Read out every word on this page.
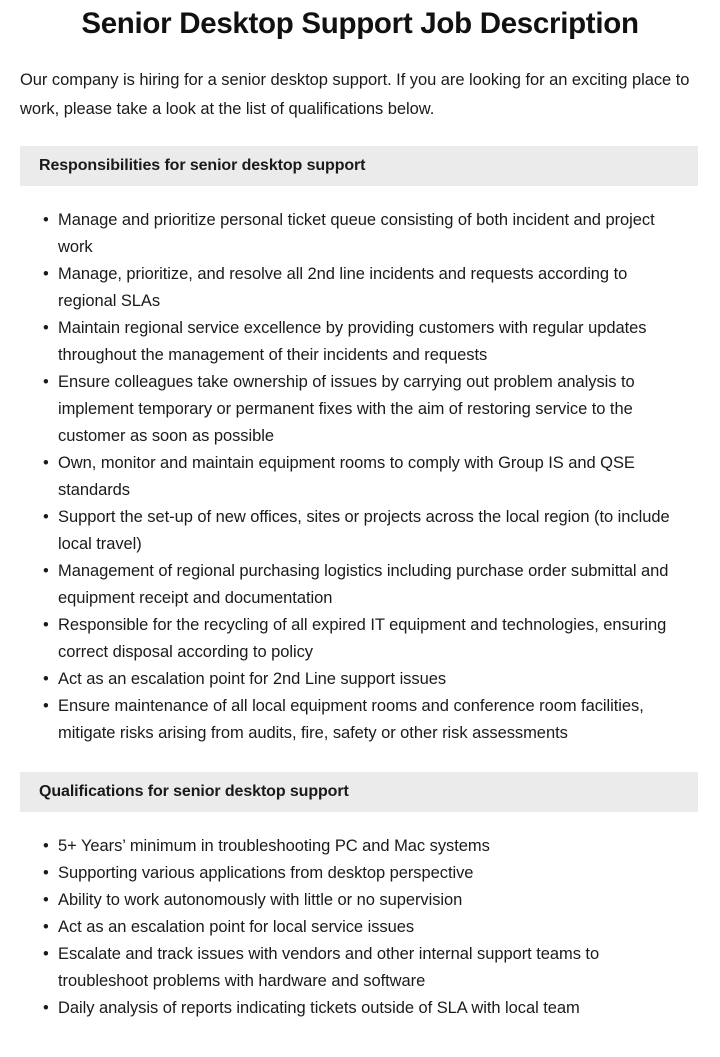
Senior Desktop Support Job Description

Our company is hiring for a senior desktop support. If you are looking for an exciting place to work, please take a look at the list of qualifications below.

Responsibilities for senior desktop support
• Manage and prioritize personal ticket queue consisting of both incident and project work
• Manage, prioritize, and resolve all 2nd line incidents and requests according to regional SLAs
• Maintain regional service excellence by providing customers with regular updates throughout the management of their incidents and requests
• Ensure colleagues take ownership of issues by carrying out problem analysis to implement temporary or permanent fixes with the aim of restoring service to the customer as soon as possible
• Own, monitor and maintain equipment rooms to comply with Group IS and QSE standards
• Support the set-up of new offices, sites or projects across the local region (to include local travel)
• Management of regional purchasing logistics including purchase order submittal and equipment receipt and documentation
• Responsible for the recycling of all expired IT equipment and technologies, ensuring correct disposal according to policy
• Act as an escalation point for 2nd Line support issues
• Ensure maintenance of all local equipment rooms and conference room facilities, mitigate risks arising from audits, fire, safety or other risk assessments
Qualifications for senior desktop support
• 5+ Years’ minimum in troubleshooting PC and Mac systems
• Supporting various applications from desktop perspective
• Ability to work autonomously with little or no supervision
• Act as an escalation point for local service issues
• Escalate and track issues with vendors and other internal support teams to troubleshoot problems with hardware and software
• Daily analysis of reports indicating tickets outside of SLA with local team
